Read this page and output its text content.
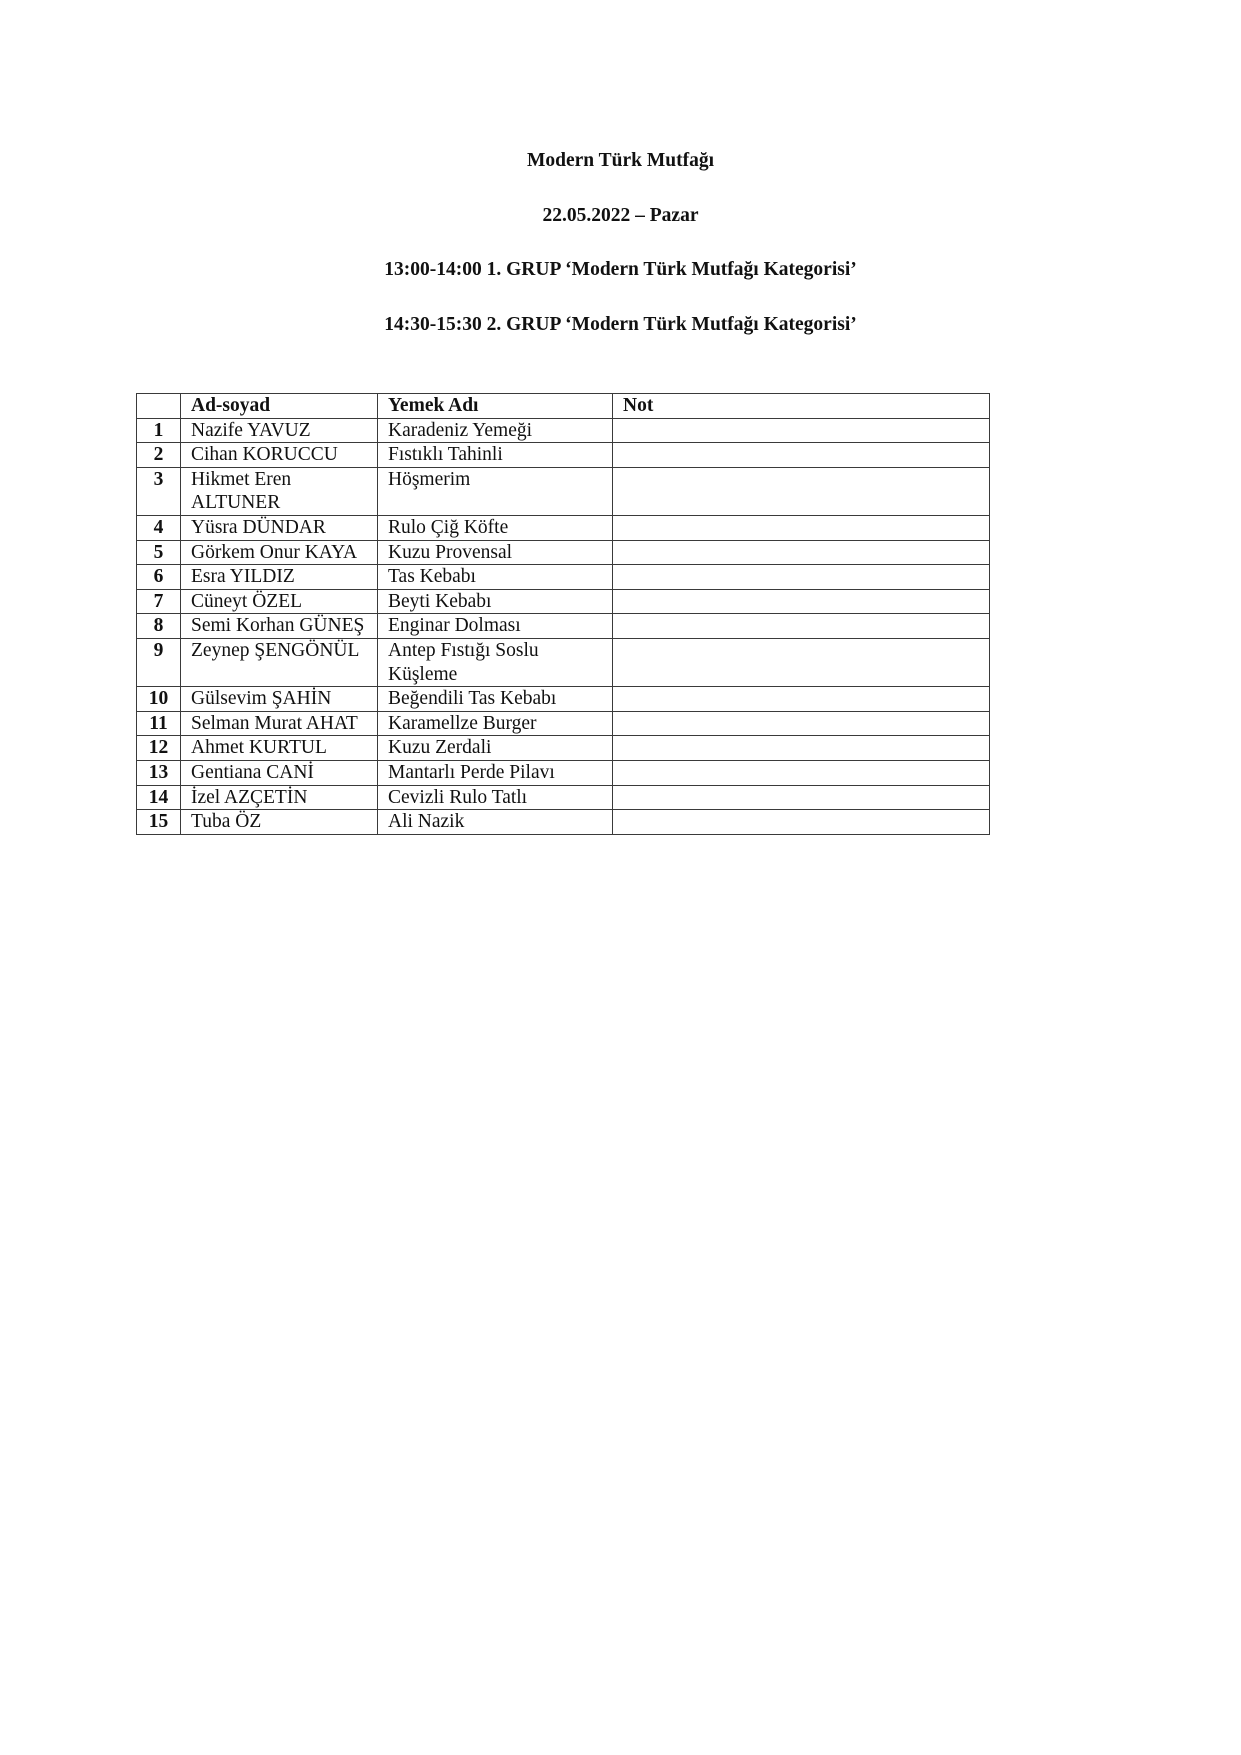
Modern Türk Mutfağı

22.05.2022 – Pazar

13:00-14:00 1. GRUP ‘Modern Türk Mutfağı Kategorisi’

14:30-15:30 2. GRUP ‘Modern Türk Mutfağı Kategorisi’

	Ad-soyad	Yemek Adı	Not
1	Nazife YAVUZ	Karadeniz Yemeği	
2	Cihan KORUCCU	Fıstıklı Tahinli	
3	Hikmet Eren ALTUNER	Höşmerim	
4	Yüsra DÜNDAR	Rulo Çiğ Köfte	
5	Görkem Onur KAYA	Kuzu Provensal	
6	Esra YILDIZ	Tas Kebabı	
7	Cüneyt ÖZEL	Beyti Kebabı	
8	Semi Korhan GÜNEŞ	Enginar Dolması	
9	Zeynep ŞENGÖNÜL	Antep Fıstığı Soslu Küşleme	
10	Gülsevim ŞAHİN	Beğendili Tas Kebabı	
11	Selman Murat AHAT	Karamellze Burger	
12	Ahmet KURTUL	Kuzu Zerdali	
13	Gentiana CANİ	Mantarlı Perde Pilavı	
14	İzel AZÇETİN	Cevizli Rulo Tatlı	
15	Tuba ÖZ	Ali Nazik	
